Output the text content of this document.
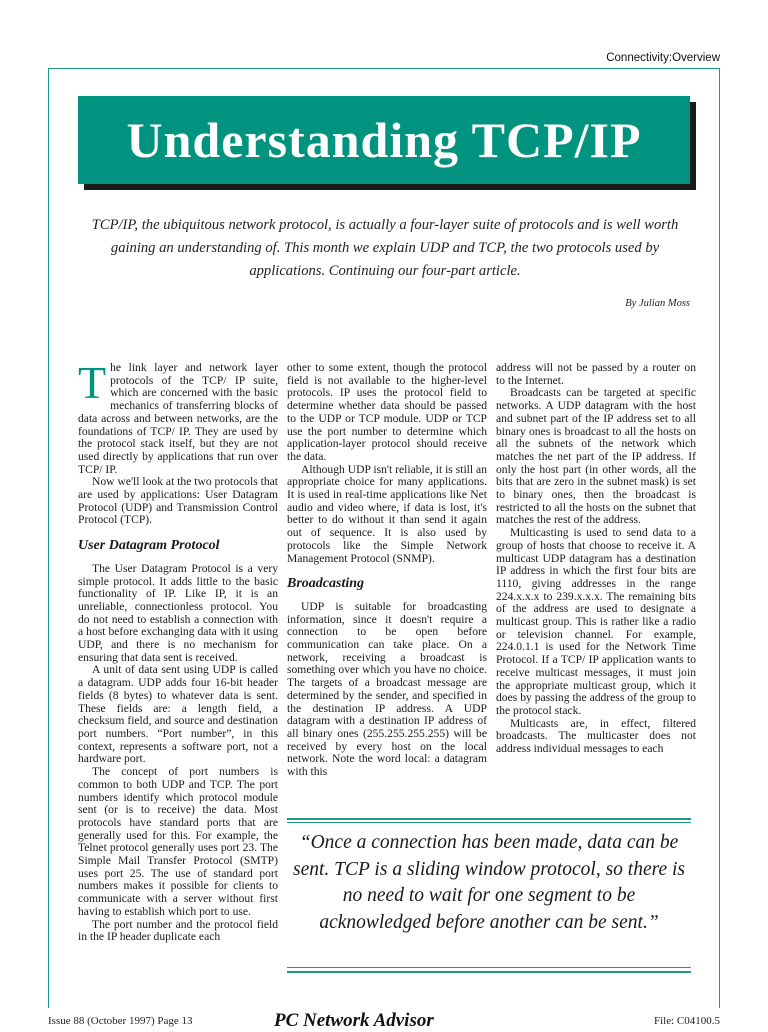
Connectivity:Overview
Understanding TCP/IP
TCP/IP, the ubiquitous network protocol, is actually a four-layer suite of protocols and is well worth gaining an understanding of. This month we explain UDP and TCP, the two protocols used by applications. Continuing our four-part article.
By Julian Moss

The link layer and network layer protocols of the TCP/ IP suite, which are concerned with the basic mechanics of transferring blocks of data across and between networks, are the foundations of TCP/ IP. They are used by the protocol stack itself, but they are not used directly by applications that run over TCP/ IP.

Now we'll look at the two protocols that are used by applications: User Datagram Protocol (UDP) and Transmission Control Protocol (TCP).

User Datagram Protocol

The User Datagram Protocol is a very simple protocol. It adds little to the basic functionality of IP. Like IP, it is an unreliable, connectionless protocol. You do not need to establish a connection with a host before exchanging data with it using UDP, and there is no mechanism for ensuring that data sent is received.

A unit of data sent using UDP is called a datagram. UDP adds four 16-bit header fields (8 bytes) to whatever data is sent. These fields are: a length field, a checksum field, and source and destination port numbers. “Port number”, in this context, represents a software port, not a hardware port.

The concept of port numbers is common to both UDP and TCP. The port numbers identify which protocol module sent (or is to receive) the data. Most protocols have standard ports that are generally used for this. For example, the Telnet protocol generally uses port 23. The Simple Mail Transfer Protocol (SMTP) uses port 25. The use of standard port numbers makes it possible for clients to communicate with a server without first having to establish which port to use.

The port number and the protocol field in the IP header duplicate each

other to some extent, though the protocol field is not available to the higher-level protocols. IP uses the protocol field to determine whether data should be passed to the UDP or TCP module. UDP or TCP use the port number to determine which application-layer protocol should receive the data.

Although UDP isn't reliable, it is still an appropriate choice for many applications. It is used in real-time applications like Net audio and video where, if data is lost, it's better to do without it than send it again out of sequence. It is also used by protocols like the Simple Network Management Protocol (SNMP).

Broadcasting

UDP is suitable for broadcasting information, since it doesn't require a connection to be open before communication can take place. On a network, receiving a broadcast is something over which you have no choice. The targets of a broadcast message are determined by the sender, and specified in the destination IP address. A UDP datagram with a destination IP address of all binary ones (255.255.255.255) will be received by every host on the local network. Note the word local: a datagram with this

address will not be passed by a router on to the Internet.

Broadcasts can be targeted at specific networks. A UDP datagram with the host and subnet part of the IP address set to all binary ones is broadcast to all the hosts on all the subnets of the network which matches the net part of the IP address. If only the host part (in other words, all the bits that are zero in the subnet mask) is set to binary ones, then the broadcast is restricted to all the hosts on the subnet that matches the rest of the address.

Multicasting is used to send data to a group of hosts that choose to receive it. A multicast UDP datagram has a destination IP address in which the first four bits are 1110, giving addresses in the range 224.x.x.x to 239.x.x.x. The remaining bits of the address are used to designate a multicast group. This is rather like a radio or television channel. For example, 224.0.1.1 is used for the Network Time Protocol. If a TCP/ IP application wants to receive multicast messages, it must join the appropriate multicast group, which it does by passing the address of the group to the protocol stack.

Multicasts are, in effect, filtered broadcasts. The multicaster does not address individual messages to each

“Once a connection has been made, data can be sent. TCP is a sliding window protocol, so there is no need to wait for one segment to be acknowledged before another can be sent.”
Issue 88 (October 1997) Page 13	PC Network Advisor	File: C04100.5
